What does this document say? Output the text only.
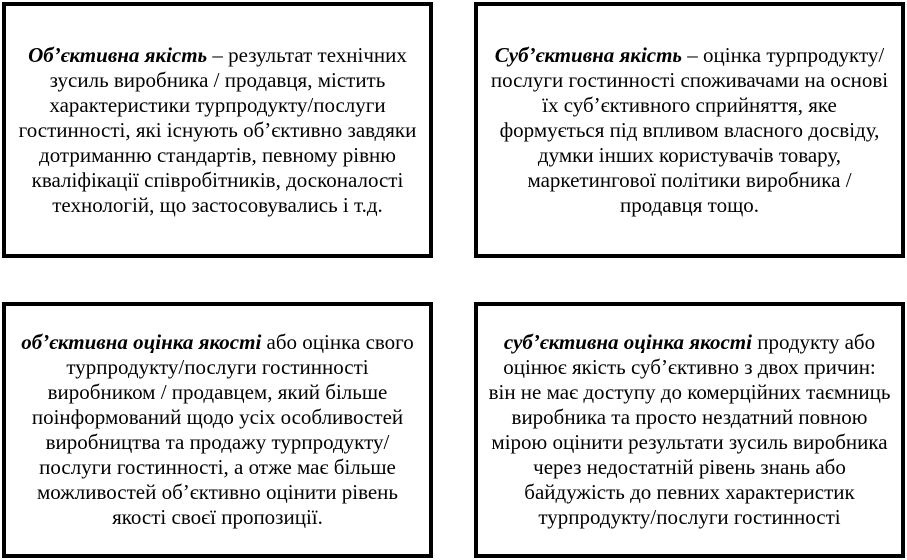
Об’єктивна якість – результат технічних зусиль виробника / продавця, містить характеристики турпродукту/послуги гостинності, які існують об’єктивно завдяки дотриманню стандартів, певному рівню кваліфікації співробітників, досконалості технологій, що застосовувались і т.д.

Суб’єктивна якість – оцінка турпродукту/послуги гостинності споживачами на основі їх суб’єктивного сприйняття, яке формується під впливом власного досвіду, думки інших користувачів товару, маркетингової політики виробника / продавця тощо.

об’єктивна оцінка якості або оцінка свого турпродукту/послуги гостинності виробником / продавцем, який більше поінформований щодо усіх особливостей виробництва та продажу турпродукту/послуги гостинності, а отже має більше можливостей об’єктивно оцінити рівень якості своєї пропозиції.

суб’єктивна оцінка якості продукту або оцінює якість суб’єктивно з двох причин: він не має доступу до комерційних таємниць виробника та просто нездатний повною мірою оцінити результати зусиль виробника через недостатній рівень знань або байдужість до певних характеристик турпродукту/послуги гостинності
